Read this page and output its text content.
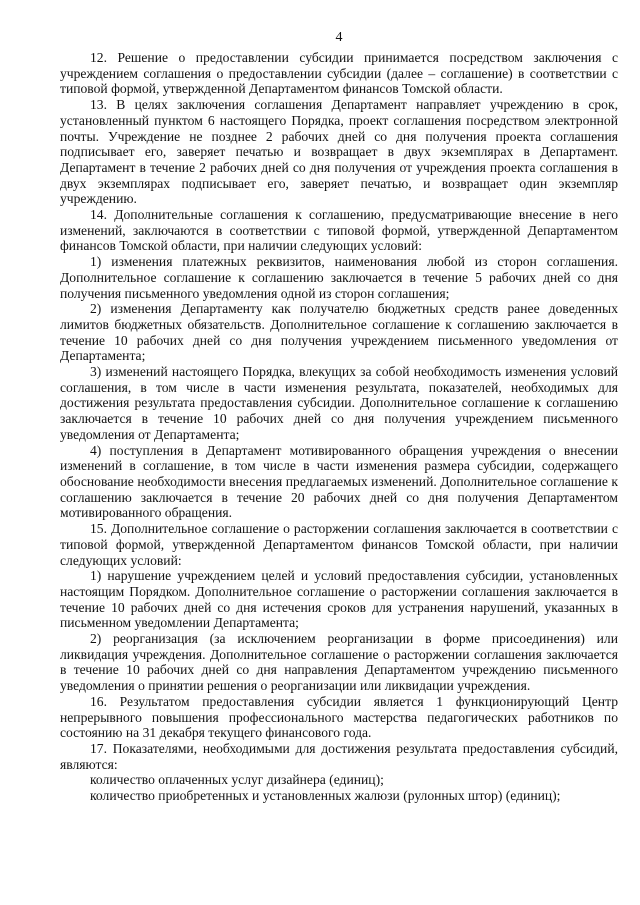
4

12. Решение о предоставлении субсидии принимается посредством заключения с учреждением соглашения о предоставлении субсидии (далее – соглашение) в соответствии с типовой формой, утвержденной Департаментом финансов Томской области.

13. В целях заключения соглашения Департамент направляет учреждению в срок, установленный пунктом 6 настоящего Порядка, проект соглашения посредством электронной почты. Учреждение не позднее 2 рабочих дней со дня получения проекта соглашения подписывает его, заверяет печатью и возвращает в двух экземплярах в Департамент. Департамент в течение 2 рабочих дней со дня получения от учреждения проекта соглашения в двух экземплярах подписывает его, заверяет печатью, и возвращает один экземпляр учреждению.

14. Дополнительные соглашения к соглашению, предусматривающие внесение в него изменений, заключаются в соответствии с типовой формой, утвержденной Департаментом финансов Томской области, при наличии следующих условий:

1) изменения платежных реквизитов, наименования любой из сторон соглашения. Дополнительное соглашение к соглашению заключается в течение 5 рабочих дней со дня получения письменного уведомления одной из сторон соглашения;

2) изменения Департаменту как получателю бюджетных средств ранее доведенных лимитов бюджетных обязательств. Дополнительное соглашение к соглашению заключается в течение 10 рабочих дней со дня получения учреждением письменного уведомления от Департамента;

3) изменений настоящего Порядка, влекущих за собой необходимость изменения условий соглашения, в том числе в части изменения результата, показателей, необходимых для достижения результата предоставления субсидии. Дополнительное соглашение к соглашению заключается в течение 10 рабочих дней со дня получения учреждением письменного уведомления от Департамента;

4) поступления в Департамент мотивированного обращения учреждения о внесении изменений в соглашение, в том числе в части изменения размера субсидии, содержащего обоснование необходимости внесения предлагаемых изменений. Дополнительное соглашение к соглашению заключается в течение 20 рабочих дней со дня получения Департаментом мотивированного обращения.

15. Дополнительное соглашение о расторжении соглашения заключается в соответствии с типовой формой, утвержденной Департаментом финансов Томской области, при наличии следующих условий:

1) нарушение учреждением целей и условий предоставления субсидии, установленных настоящим Порядком. Дополнительное соглашение о расторжении соглашения заключается в течение 10 рабочих дней со дня истечения сроков для устранения нарушений, указанных в письменном уведомлении Департамента;

2) реорганизация (за исключением реорганизации в форме присоединения) или ликвидация учреждения. Дополнительное соглашение о расторжении соглашения заключается в течение 10 рабочих дней со дня направления Департаментом учреждению письменного уведомления о принятии решения о реорганизации или ликвидации учреждения.

16. Результатом предоставления субсидии является 1 функционирующий Центр непрерывного повышения профессионального мастерства педагогических работников по состоянию на 31 декабря текущего финансового года.

17. Показателями, необходимыми для достижения результата предоставления субсидий, являются:

количество оплаченных услуг дизайнера (единиц);

количество приобретенных и установленных жалюзи (рулонных штор) (единиц);
